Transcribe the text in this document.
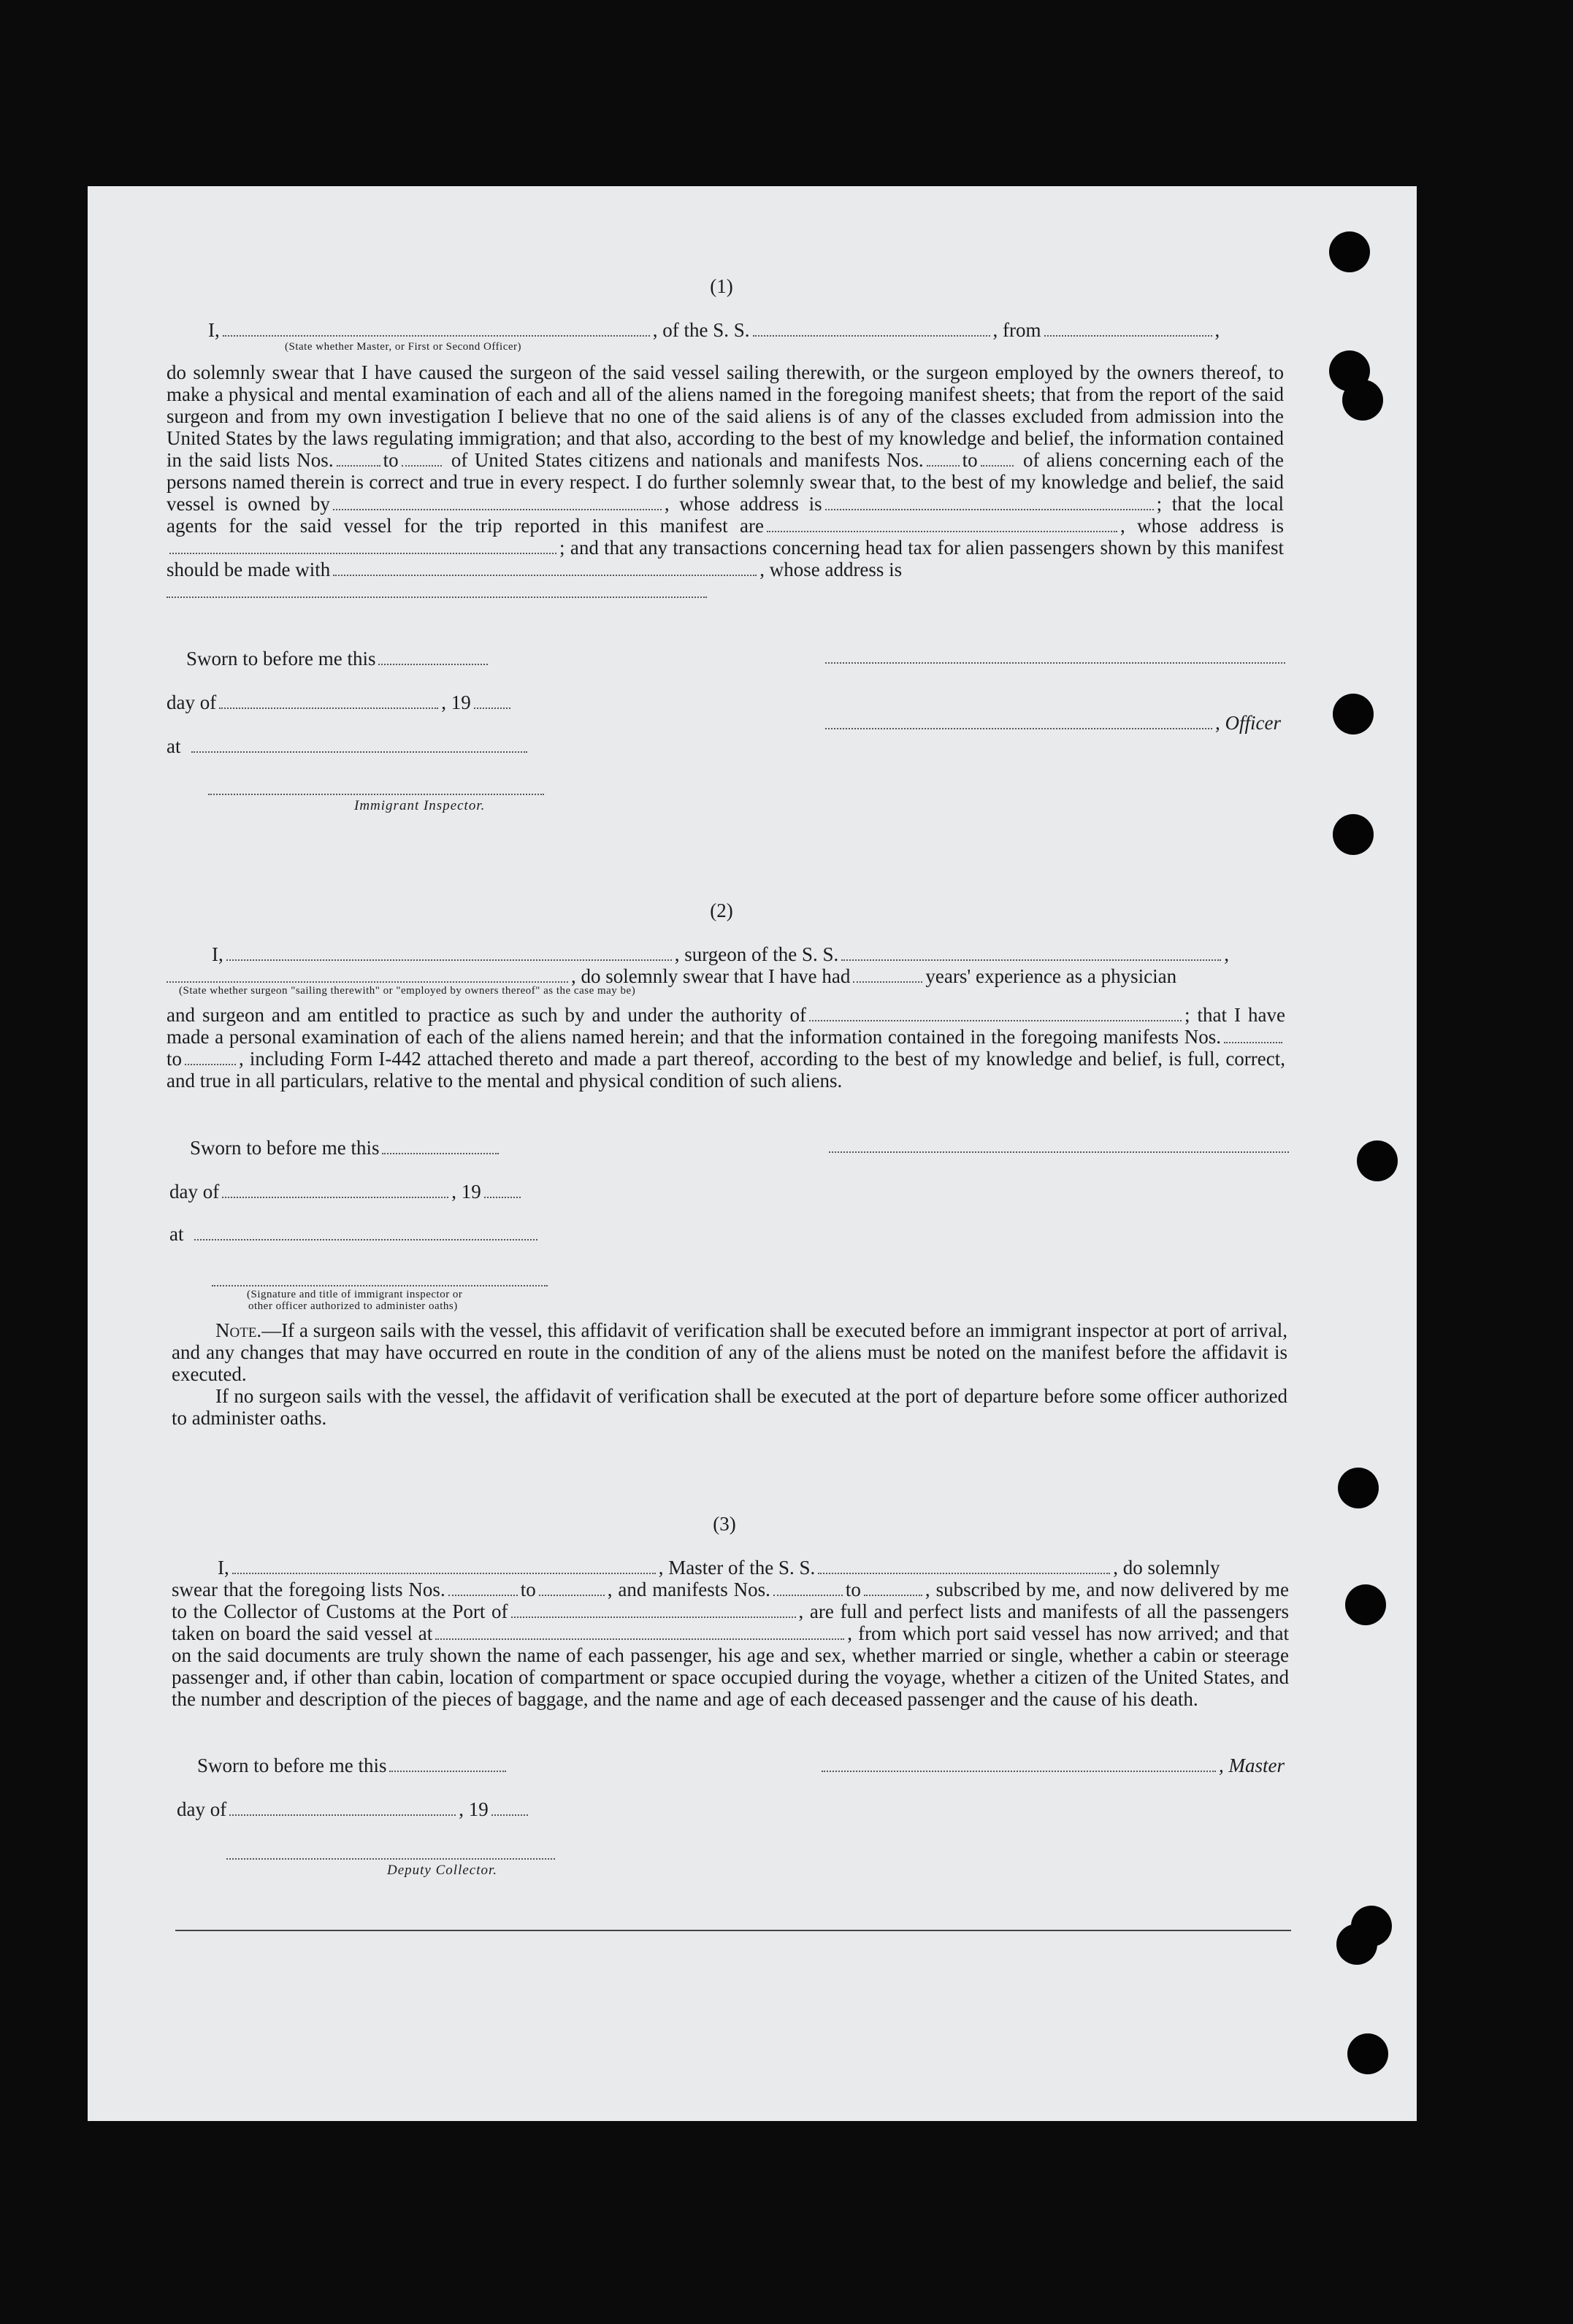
(1)
I,	, of the S. S.	, from	,
(State whether Master, or First or Second Officer)
do solemnly swear that I have caused the surgeon of the said vessel sailing therewith, or the surgeon employed by the owners thereof, to make a physical and mental examination of each and all of the aliens named in the foregoing manifest sheets; that from the report of the said surgeon and from my own investigation I believe that no one of the said aliens is of any of the classes excluded from admission into the United States by the laws regulating immigration; and that also, according to the best of my knowledge and belief, the information contained in the said lists Nos.	to	of United States citizens and nationals and manifests Nos. to of aliens concerning each of the persons named therein is correct and true in every respect. I do further solemnly swear that, to the best of my knowledge and belief, the said vessel is owned by	, whose address is	; that the local agents for the said vessel for the trip reported in this manifest are	, whose address is; and that any transactions concerning head tax for alien passengers shown by this manifest should be made with	, whose address is

Sworn to before me this
day of	, 19
, Officer
at
Immigrant Inspector.
(2)
I,	, surgeon of the S. S.	,
, do solemnly swear that I have had	years' experience as a physician
(State whether surgeon "sailing therewith" or "employed by owners thereof" as the case may be)
and surgeon and am entitled to practice as such by and under the authority of	; that I have made a personal examination of each of the aliens named herein; and that the information contained in the foregoing manifests Nos.to	, including Form I-442 attached thereto and made a part thereof, according to the best of my knowledge and belief, is full, correct, and true in all particulars, relative to the mental and physical condition of such aliens.
Sworn to before me this
day of	, 19
at
(Signature and title of immigrant inspector or
other officer authorized to administer oaths)
Note.—If a surgeon sails with the vessel, this affidavit of verification shall be executed before an immigrant inspector at port of arrival, and any changes that may have occurred en route in the condition of any of the aliens must be noted on the manifest before the affidavit is executed.
If no surgeon sails with the vessel, the affidavit of verification shall be executed at the port of departure before some officer authorized to administer oaths.
(3)
I,	, Master of the S. S.	, do solemnly
swear that the foregoing lists Nos.	to	, and manifests Nos.	to	, subscribed by me, and now delivered by me to the Collector of Customs at the Port of	, are full and perfect lists and manifests of all the passengers taken on board the said vessel at	, from which port said vessel has now arrived; and that on the said documents are truly shown the name of each passenger, his age and sex, whether married or single, whether a cabin or steerage passenger and, if other than cabin, location of compartment or space occupied during the voyage, whether a citizen of the United States, and the number and description of the pieces of baggage, and the name and age of each deceased passenger and the cause of his death.
Sworn to before me this	, Master
day of	, 19
Deputy Collector.
